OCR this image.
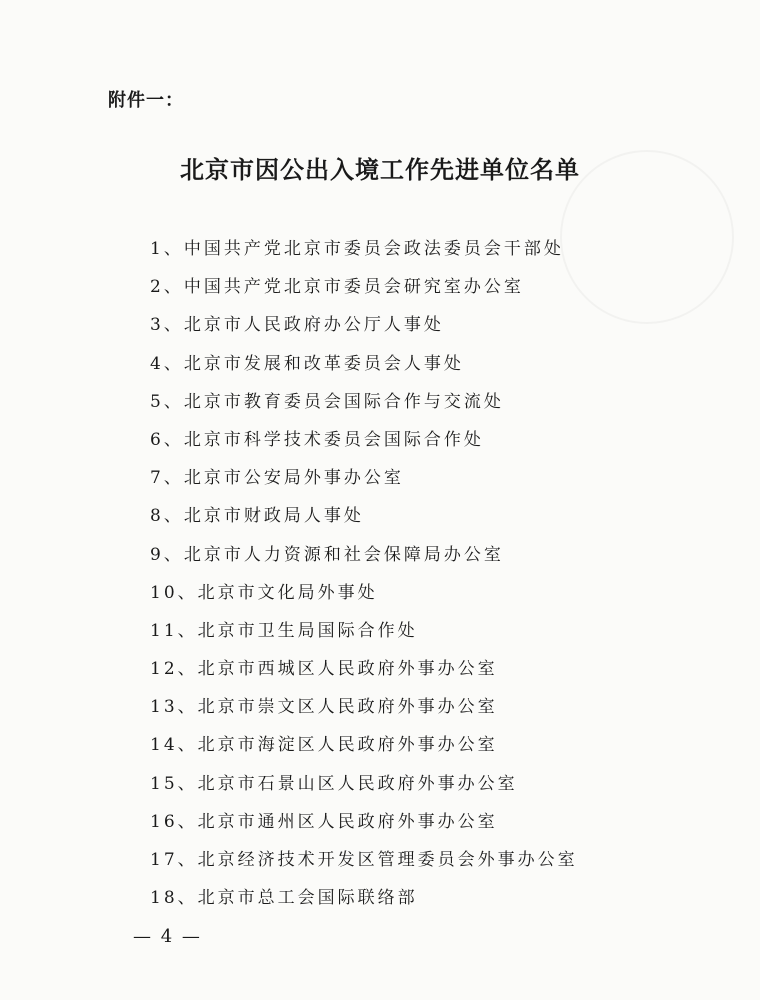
附件一：
北京市因公出入境工作先进单位名单
1、中国共产党北京市委员会政法委员会干部处
2、中国共产党北京市委员会研究室办公室
3、北京市人民政府办公厅人事处
4、北京市发展和改革委员会人事处
5、北京市教育委员会国际合作与交流处
6、北京市科学技术委员会国际合作处
7、北京市公安局外事办公室
8、北京市财政局人事处
9、北京市人力资源和社会保障局办公室
10、北京市文化局外事处
11、北京市卫生局国际合作处
12、北京市西城区人民政府外事办公室
13、北京市崇文区人民政府外事办公室
14、北京市海淀区人民政府外事办公室
15、北京市石景山区人民政府外事办公室
16、北京市通州区人民政府外事办公室
17、北京经济技术开发区管理委员会外事办公室
18、北京市总工会国际联络部
— 4 —
